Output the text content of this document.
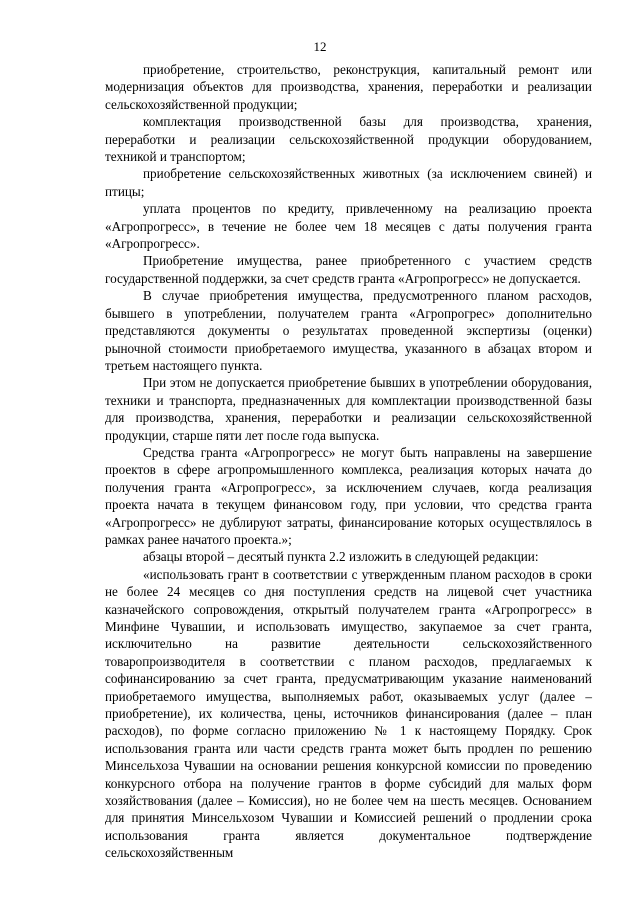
12

приобретение, строительство, реконструкция, капитальный ремонт или модернизация объектов для производства, хранения, переработки и реализации сельскохозяйственной продукции;

комплектация производственной базы для производства, хранения, переработки и реализации сельскохозяйственной продукции оборудованием, техникой и транспортом;

приобретение сельскохозяйственных животных (за исключением свиней) и птицы;

уплата процентов по кредиту, привлеченному на реализацию проекта «Агропрогресс», в течение не более чем 18 месяцев с даты получения гранта «Агропрогресс».

Приобретение имущества, ранее приобретенного с участием средств государственной поддержки, за счет средств гранта «Агропрогресс» не допускается.

В случае приобретения имущества, предусмотренного планом расходов, бывшего в употреблении, получателем гранта «Агропрогрес» дополнительно представляются документы о результатах проведенной экспертизы (оценки) рыночной стоимости приобретаемого имущества, указанного в абзацах втором и третьем настоящего пункта.

При этом не допускается приобретение бывших в употреблении оборудования, техники и транспорта, предназначенных для комплектации производственной базы для производства, хранения, переработки и реализации сельскохозяйственной продукции, старше пяти лет после года выпуска.

Средства гранта «Агропрогресс» не могут быть направлены на завершение проектов в сфере агропромышленного комплекса, реализация которых начата до получения гранта «Агропрогресс», за исключением случаев, когда реализация проекта начата в текущем финансовом году, при условии, что средства гранта «Агропрогресс» не дублируют затраты, финансирование которых осуществлялось в рамках ранее начатого проекта.»;

абзацы второй – десятый пункта 2.2 изложить в следующей редакции:

«использовать грант в соответствии с утвержденным планом расходов в сроки не более 24 месяцев со дня поступления средств на лицевой счет участника казначейского сопровождения, открытый получателем гранта «Агропрогресс» в Минфине Чувашии, и использовать имущество, закупаемое за счет гранта, исключительно на развитие деятельности сельскохозяйственного товаропроизводителя в соответствии с планом расходов, предлагаемых к софинансированию за счет гранта, предусматривающим указание наименований приобретаемого имущества, выполняемых работ, оказываемых услуг (далее – приобретение), их количества, цены, источников финансирования (далее – план расходов), по форме согласно приложению № 1 к настоящему Порядку. Срок использования гранта или части средств гранта может быть продлен по решению Минсельхоза Чувашии на основании решения конкурсной комиссии по проведению конкурсного отбора на получение грантов в форме субсидий для малых форм хозяйствования (далее – Комиссия), но не более чем на шесть месяцев. Основанием для принятия Минсельхозом Чувашии и Комиссией решений о продлении срока использования гранта является документальное подтверждение сельскохозяйственным
